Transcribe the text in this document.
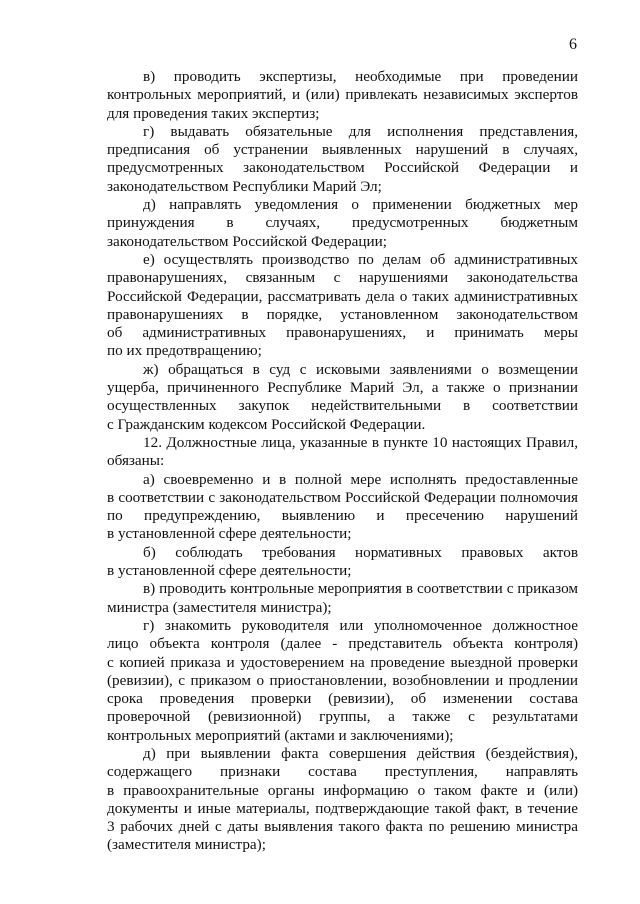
6

в) проводить экспертизы, необходимые при проведении
контрольных мероприятий, и (или) привлекать независимых экспертов
для проведения таких экспертиз;

г) выдавать обязательные для исполнения представления,
предписания об устранении выявленных нарушений в случаях,
предусмотренных законодательством Российской Федерации и
законодательством Республики Марий Эл;

д) направлять уведомления о применении бюджетных мер
принуждения в случаях, предусмотренных бюджетным
законодательством Российской Федерации;

е) осуществлять производство по делам об административных
правонарушениях, связанным с нарушениями законодательства
Российской Федерации, рассматривать дела о таких административных
правонарушениях в порядке, установленном законодательством
об административных правонарушениях, и принимать меры
по их предотвращению;

ж) обращаться в суд с исковыми заявлениями о возмещении
ущерба, причиненного Республике Марий Эл, а также о признании
осуществленных закупок недействительными в соответствии
с Гражданским кодексом Российской Федерации.

12. Должностные лица, указанные в пункте 10 настоящих Правил,
обязаны:

а) своевременно и в полной мере исполнять предоставленные
в соответствии с законодательством Российской Федерации полномочия
по предупреждению, выявлению и пресечению нарушений
в установленной сфере деятельности;

б) соблюдать требования нормативных правовых актов
в установленной сфере деятельности;

в) проводить контрольные мероприятия в соответствии с приказом
министра (заместителя министра);

г) знакомить руководителя или уполномоченное должностное
лицо объекта контроля (далее - представитель объекта контроля)
с копией приказа и удостоверением на проведение выездной проверки
(ревизии), с приказом о приостановлении, возобновлении и продлении
срока проведения проверки (ревизии), об изменении состава
проверочной (ревизионной) группы, а также с результатами
контрольных мероприятий (актами и заключениями);

д) при выявлении факта совершения действия (бездействия),
содержащего признаки состава преступления, направлять
в правоохранительные органы информацию о таком факте и (или)
документы и иные материалы, подтверждающие такой факт, в течение
3 рабочих дней с даты выявления такого факта по решению министра
(заместителя министра);
